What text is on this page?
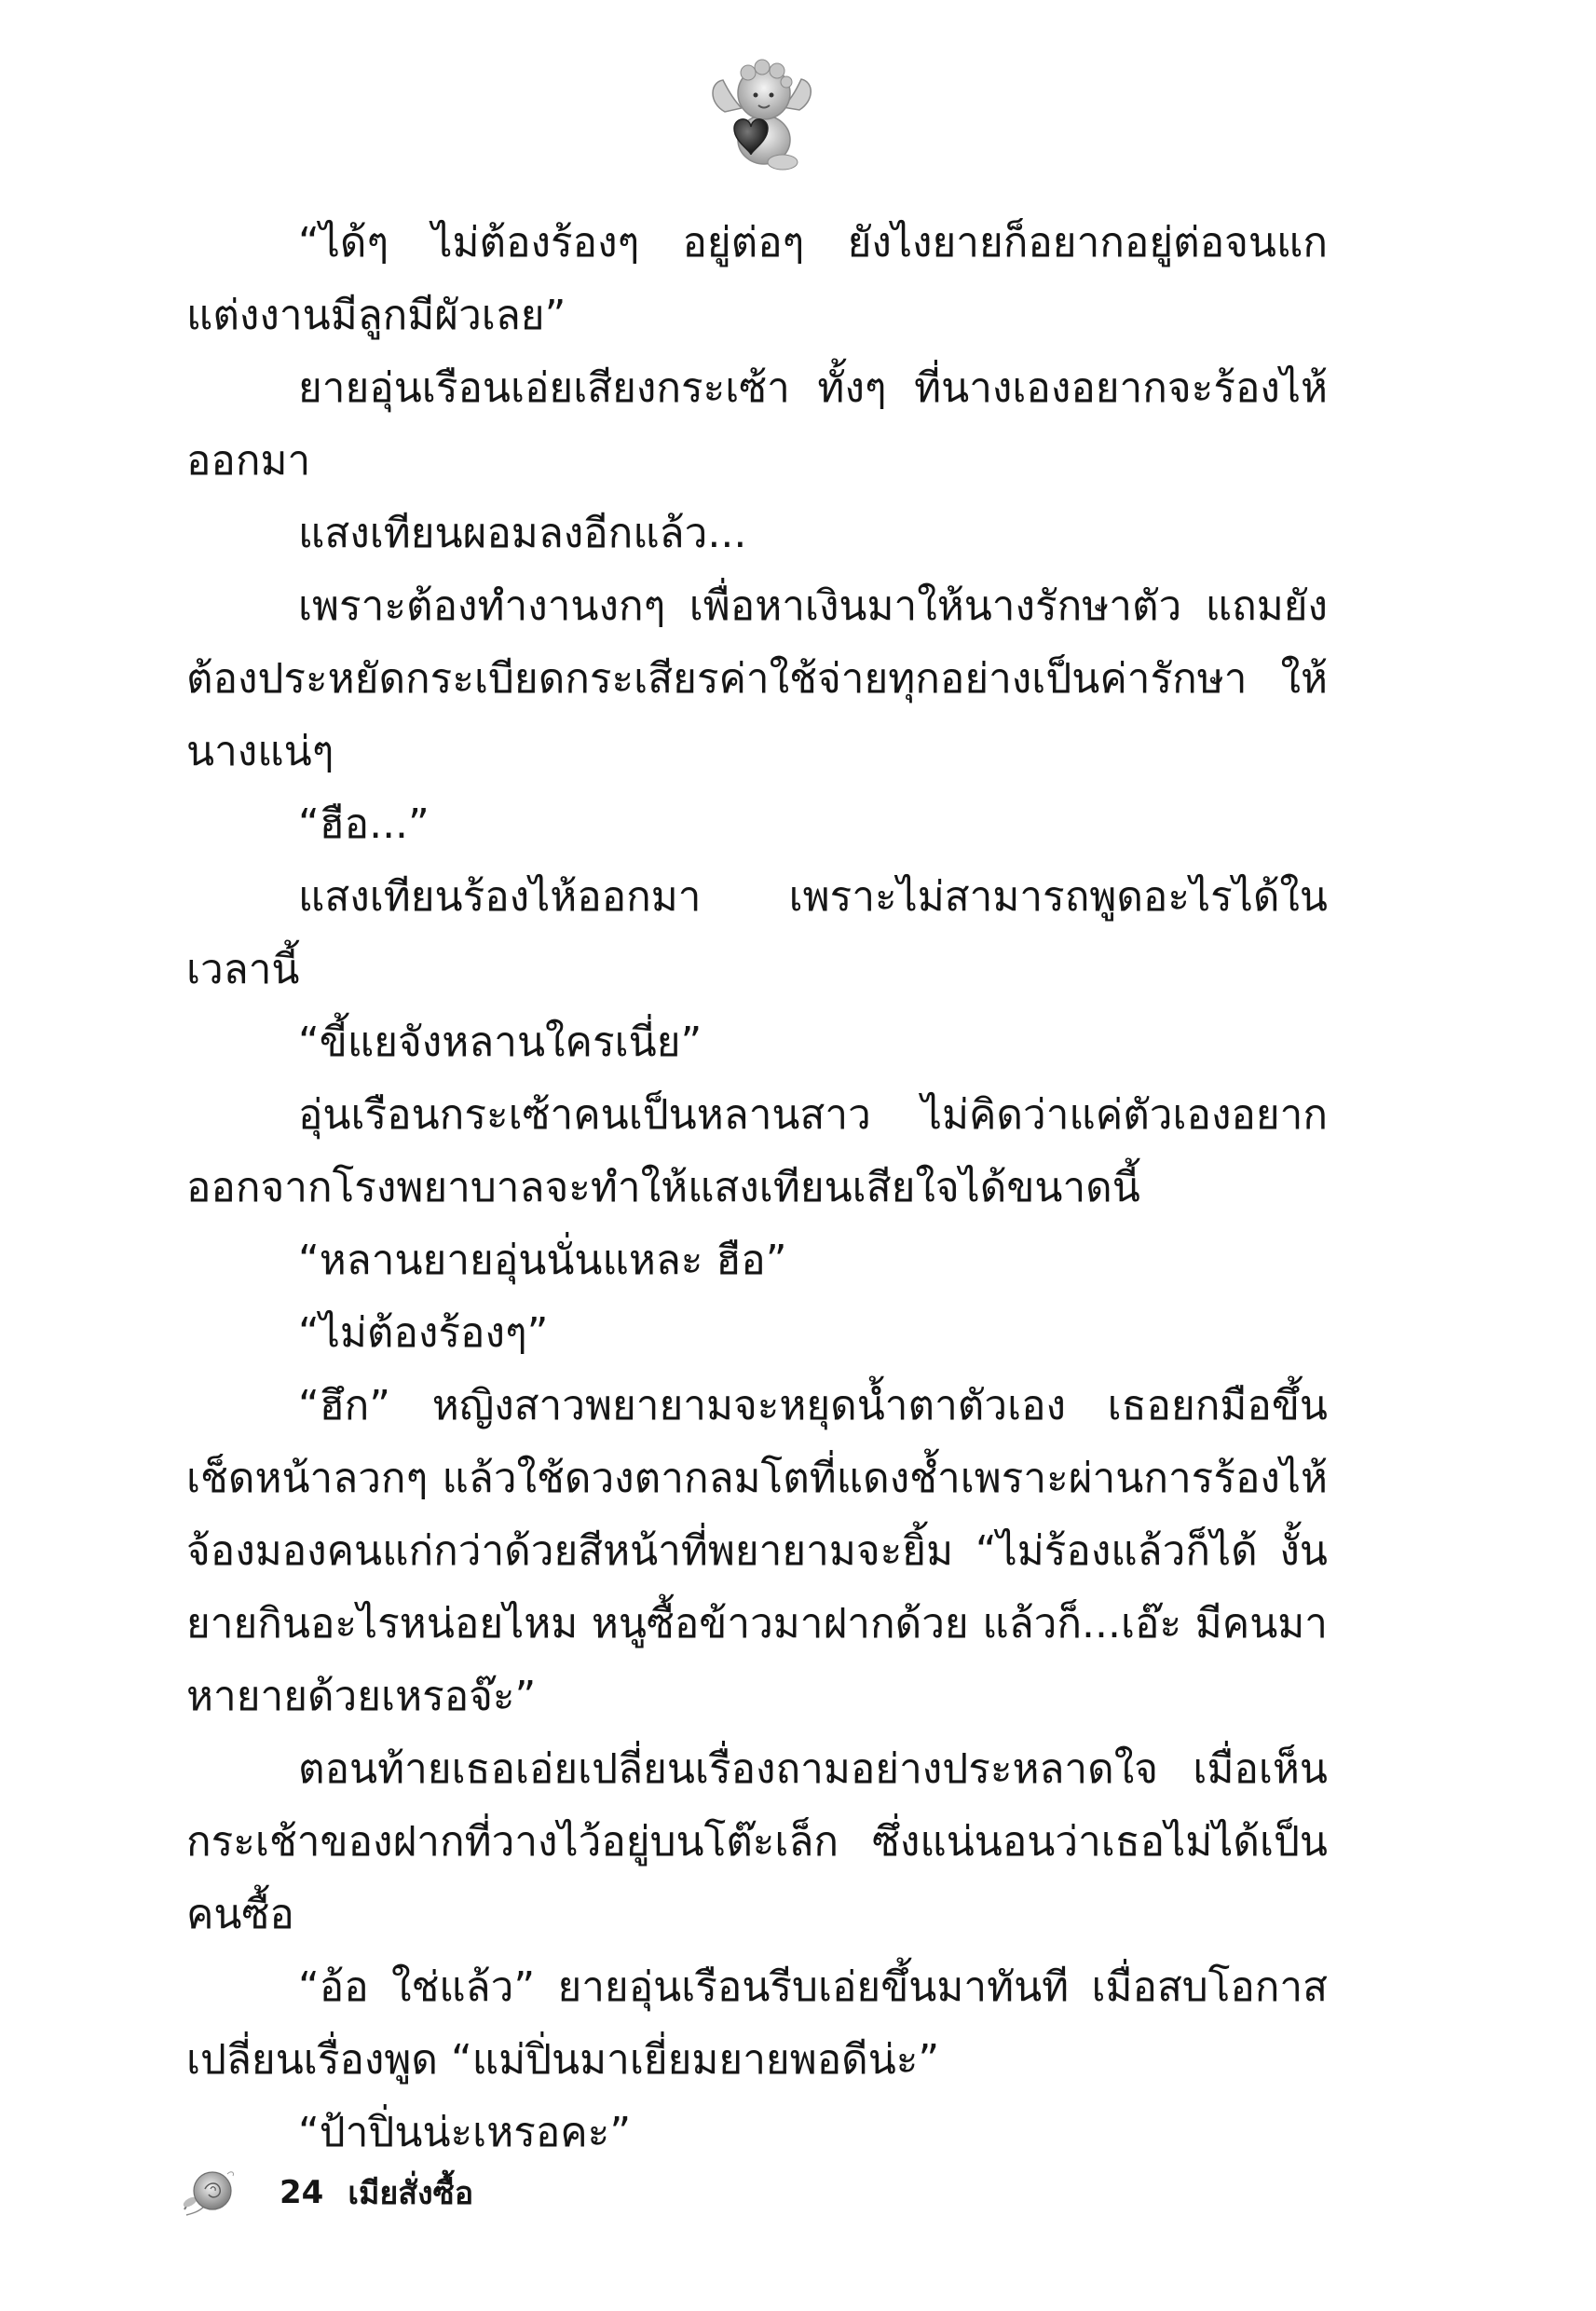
“ได้ๆ ไม่ต้องร้องๆ อยู่ต่อๆ ยังไงยายก็อยากอยู่ต่อจนแก แต่งงานมีลูกมีผัวเลย”

ยายอุ่นเรือนเอ่ยเสียงกระเซ้า ทั้งๆ ที่นางเองอยากจะร้องไห้ ออกมา

แสงเทียนผอมลงอีกแล้ว...

เพราะต้องทำงานงกๆ เพื่อหาเงินมาให้นางรักษาตัว แถมยัง ต้องประหยัดกระเบียดกระเสียรค่าใช้จ่ายทุกอย่างเป็นค่ารักษา ให้นางแน่ๆ

“ฮือ...”

แสงเทียนร้องไห้ออกมา เพราะไม่สามารถพูดอะไรได้ในเวลานี้

“ขี้แยจังหลานใครเนี่ย”

อุ่นเรือนกระเซ้าคนเป็นหลานสาว ไม่คิดว่าแค่ตัวเองอยาก ออกจากโรงพยาบาลจะทำให้แสงเทียนเสียใจได้ขนาดนี้

“หลานยายอุ่นนั่นแหละ ฮือ”

“ไม่ต้องร้องๆ”

“ฮึก” หญิงสาวพยายามจะหยุดน้ำตาตัวเอง เธอยกมือขึ้น เช็ดหน้าลวกๆ แล้วใช้ดวงตากลมโตที่แดงช้ำเพราะผ่านการร้องไห้ จ้องมองคนแก่กว่าด้วยสีหน้าที่พยายามจะยิ้ม “ไม่ร้องแล้วก็ได้ งั้นยายกินอะไรหน่อยไหม หนูซื้อข้าวมาฝากด้วย แล้วก็...เอ๊ะ มีคนมาหายายด้วยเหรอจ๊ะ”

ตอนท้ายเธอเอ่ยเปลี่ยนเรื่องถามอย่างประหลาดใจ เมื่อเห็น กระเช้าของฝากที่วางไว้อยู่บนโต๊ะเล็ก ซึ่งแน่นอนว่าเธอไม่ได้เป็น คนซื้อ

“อ้อ ใช่แล้ว” ยายอุ่นเรือนรีบเอ่ยขึ้นมาทันที เมื่อสบโอกาส เปลี่ยนเรื่องพูด “แม่ปิ่นมาเยี่ยมยายพอดีน่ะ”

“ป้าปิ่นน่ะเหรอคะ”

24 เมียสั่งซื้อ
